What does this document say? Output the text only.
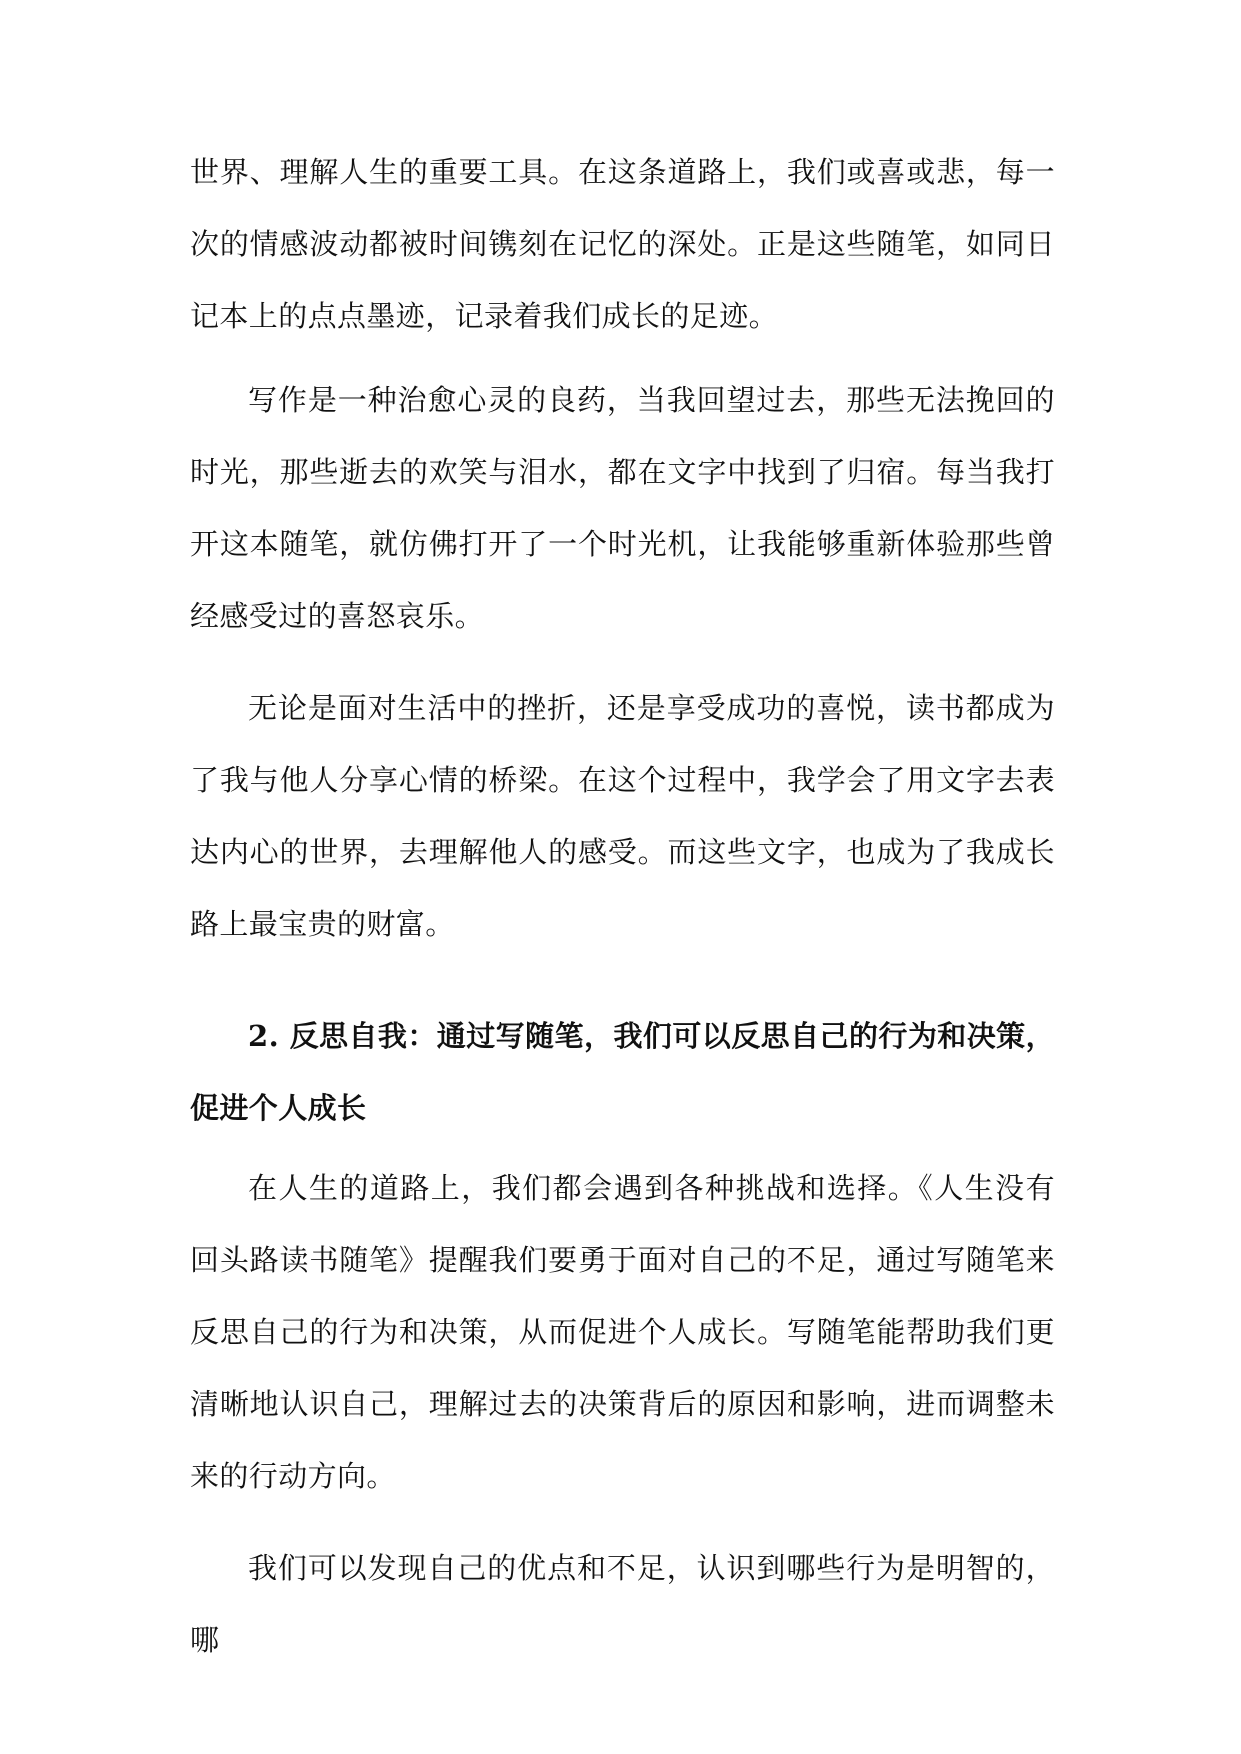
世界、理解人生的重要工具。在这条道路上，我们或喜或悲，每一次的情感波动都被时间镌刻在记忆的深处。正是这些随笔，如同日记本上的点点墨迹，记录着我们成长的足迹。

写作是一种治愈心灵的良药，当我回望过去，那些无法挽回的时光，那些逝去的欢笑与泪水，都在文字中找到了归宿。每当我打开这本随笔，就仿佛打开了一个时光机，让我能够重新体验那些曾经感受过的喜怒哀乐。

无论是面对生活中的挫折，还是享受成功的喜悦，读书都成为了我与他人分享心情的桥梁。在这个过程中，我学会了用文字去表达内心的世界，去理解他人的感受。而这些文字，也成为了我成长路上最宝贵的财富。

2. 反思自我：通过写随笔，我们可以反思自己的行为和决策，促进个人成长

在人生的道路上，我们都会遇到各种挑战和选择。《人生没有回头路读书随笔》提醒我们要勇于面对自己的不足，通过写随笔来反思自己的行为和决策，从而促进个人成长。写随笔能帮助我们更清晰地认识自己，理解过去的决策背后的原因和影响，进而调整未来的行动方向。

我们可以发现自己的优点和不足，认识到哪些行为是明智的，哪
